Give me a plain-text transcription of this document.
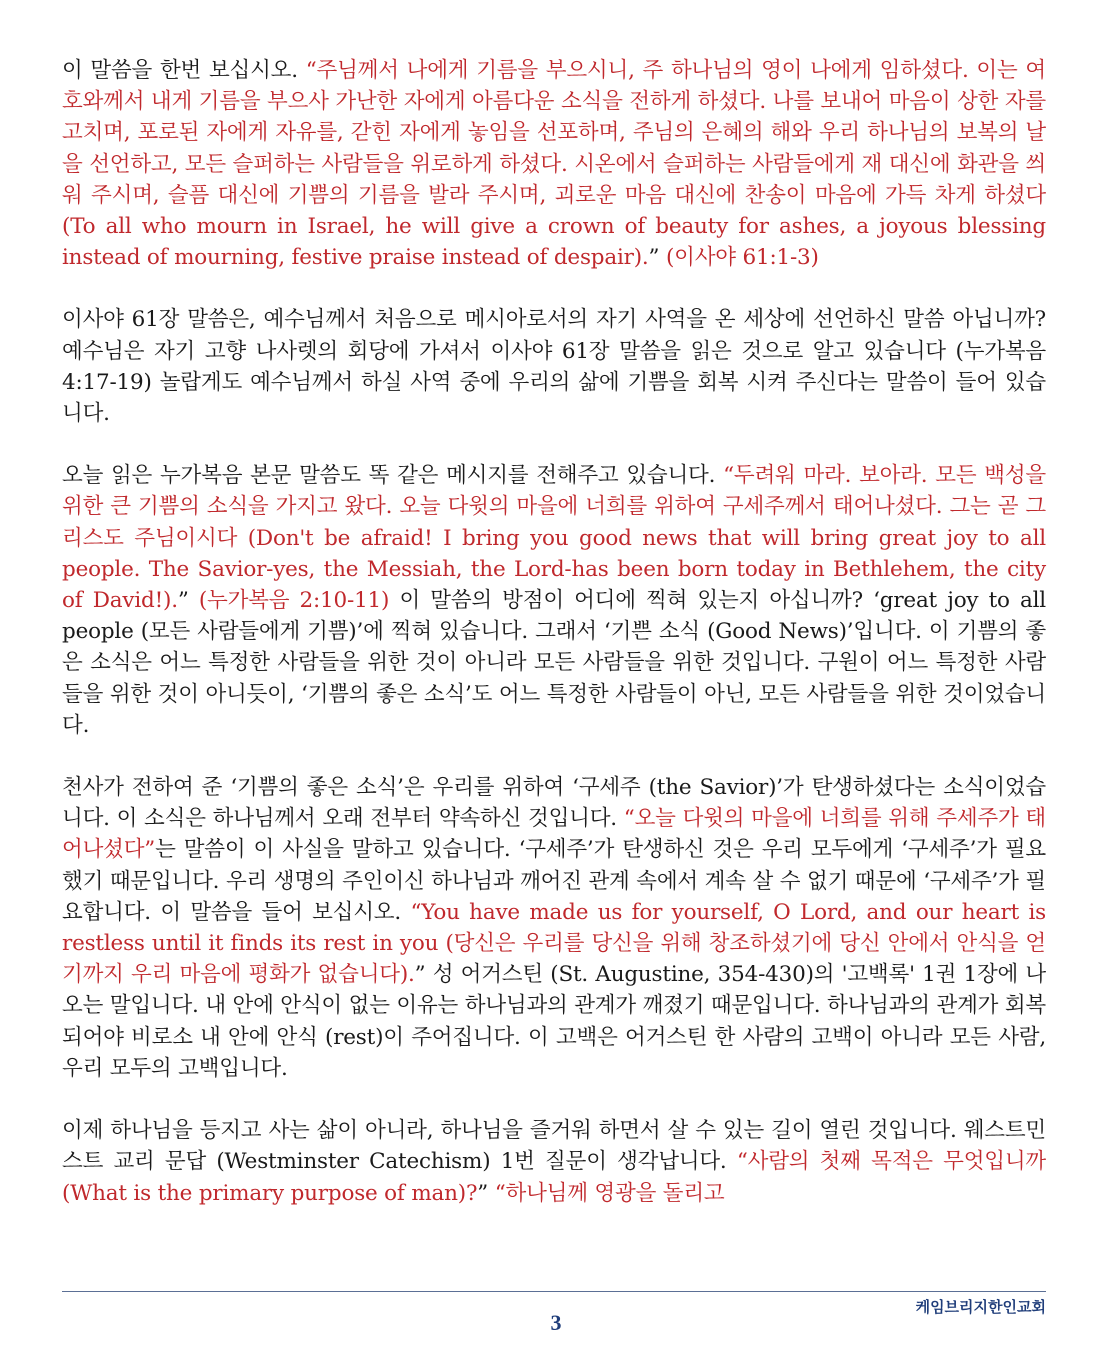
이 말씀을 한번 보십시오. “주님께서 나에게 기름을 부으시니, 주 하나님의 영이 나에게 임하셨다. 이는 여호와께서 내게 기름을 부으사 가난한 자에게 아름다운 소식을 전하게 하셨다. 나를 보내어 마음이 상한 자를 고치며, 포로된 자에게 자유를, 갇힌 자에게 놓임을 선포하며, 주님의 은혜의 해와 우리 하나님의 보복의 날을 선언하고, 모든 슬퍼하는 사람들을 위로하게 하셨다. 시온에서 슬퍼하는 사람들에게 재 대신에 화관을 씌워 주시며, 슬픔 대신에 기쁨의 기름을 발라 주시며, 괴로운 마음 대신에 찬송이 마음에 가득 차게 하셨다 (To all who mourn in Israel, he will give a crown of beauty for ashes, a joyous blessing instead of mourning, festive praise instead of despair).” (이사야 61:1-3)

이사야 61장 말씀은, 예수님께서 처음으로 메시아로서의 자기 사역을 온 세상에 선언하신 말씀 아닙니까? 예수님은 자기 고향 나사렛의 회당에 가셔서 이사야 61장 말씀을 읽은 것으로 알고 있습니다 (누가복음 4:17-19) 놀랍게도 예수님께서 하실 사역 중에 우리의 삶에 기쁨을 회복 시켜 주신다는 말씀이 들어 있습니다.

오늘 읽은 누가복음 본문 말씀도 똑 같은 메시지를 전해주고 있습니다. “두려워 마라. 보아라. 모든 백성을 위한 큰 기쁨의 소식을 가지고 왔다. 오늘 다윗의 마을에 너희를 위하여 구세주께서 태어나셨다. 그는 곧 그리스도 주님이시다 (Don't be afraid! I bring you good news that will bring great joy to all people. The Savior-yes, the Messiah, the Lord-has been born today in Bethlehem, the city of David!).” (누가복음 2:10-11) 이 말씀의 방점이 어디에 찍혀 있는지 아십니까? ‘great joy to all people (모든 사람들에게 기쁨)’에 찍혀 있습니다. 그래서 ‘기쁜 소식 (Good News)’입니다. 이 기쁨의 좋은 소식은 어느 특정한 사람들을 위한 것이 아니라 모든 사람들을 위한 것입니다. 구원이 어느 특정한 사람들을 위한 것이 아니듯이, ‘기쁨의 좋은 소식’도 어느 특정한 사람들이 아닌, 모든 사람들을 위한 것이었습니다.

천사가 전하여 준 ‘기쁨의 좋은 소식’은 우리를 위하여 ‘구세주 (the Savior)’가 탄생하셨다는 소식이었습니다. 이 소식은 하나님께서 오래 전부터 약속하신 것입니다. “오늘 다윗의 마을에 너희를 위해 주세주가 태어나셨다”는 말씀이 이 사실을 말하고 있습니다. ‘구세주’가 탄생하신 것은 우리 모두에게 ‘구세주’가 필요했기 때문입니다. 우리 생명의 주인이신 하나님과 깨어진 관계 속에서 계속 살 수 없기 때문에 ‘구세주’가 필요합니다. 이 말씀을 들어 보십시오. “You have made us for yourself, O Lord, and our heart is restless until it finds its rest in you (당신은 우리를 당신을 위해 창조하셨기에 당신 안에서 안식을 얻기까지 우리 마음에 평화가 없습니다).” 성 어거스틴 (St. Augustine, 354-430)의 '고백록' 1권 1장에 나오는 말입니다. 내 안에 안식이 없는 이유는 하나님과의 관계가 깨졌기 때문입니다. 하나님과의 관계가 회복되어야 비로소 내 안에 안식 (rest)이 주어집니다. 이 고백은 어거스틴 한 사람의 고백이 아니라 모든 사람, 우리 모두의 고백입니다.

이제 하나님을 등지고 사는 삶이 아니라, 하나님을 즐거워 하면서 살 수 있는 길이 열린 것입니다. 웨스트민스트 교리 문답 (Westminster Catechism) 1번 질문이 생각납니다. “사람의 첫째 목적은 무엇입니까 (What is the primary purpose of man)?” “하나님께 영광을 돌리고

케임브리지한인교회
3
